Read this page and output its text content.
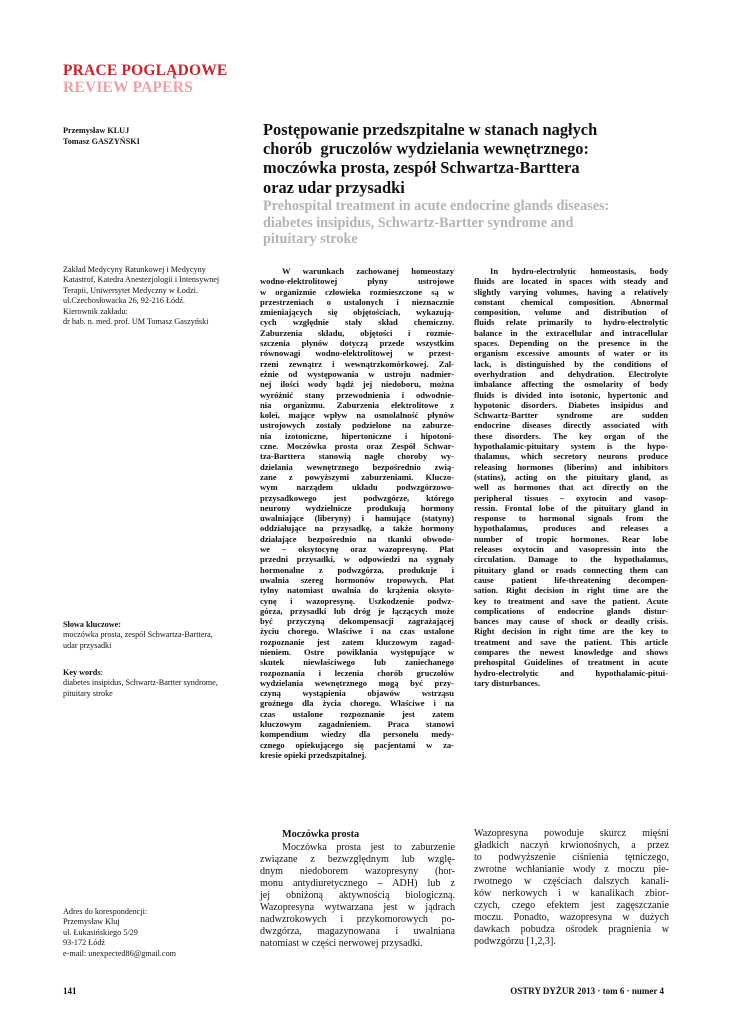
PRACE POGLĄDOWE
REVIEW PAPERS
Przemysław KLUJ
Tomasz GASZYŃSKI
Postępowanie przedszpitalne w stanach nagłych
chorób  gruczolów wydzielania wewnętrznego:
moczówka prosta, zespół Schwartza-Barttera
oraz udar przysadki
Prehospital treatment in acute endocrine glands diseases:
diabetes insipidus, Schwartz-Bartter syndrome and
pituitary stroke
Zakład Medycyny Ratunkowej i Medycyny
Katastrof, Katedra Anestezjologii i Intensywnej
Terapii, Uniwersytet Medyczny w Łodzi.
ul.Czechosłowacka 26, 92-216 Łódź.
Kierownik zakładu:
dr hab. n. med. prof. UM Tomasz Gaszyński
Słowa kluczowe:
moczówka prosta, zespół Schwartza-Barttera,
udar przysadki
Key words:
diabetes insipidus, Schwartz-Bartter syndrome,
pituitary stroke
Adres do korespondencji:
Przemysław Kluj
ul. Łukasińskiego 5/29
93-172 Łódź
e-mail: unexpected86@gmail.com
W warunkach zachowanej homeostazy
wodno-elektrolitowej płyny ustrojowe
w organizmie człowieka rozmieszczone są w
przestrzeniach o ustalonych i nieznacznie
zmieniających się objętościach, wykazują-
cych względnie stały skład chemiczny.
Zaburzenia składu, objętości i rozmie-
szczenia płynów dotyczą przede wszystkim
równowagi wodno-elektrolitowej w przest-
rzeni zewnątrz i wewnątrzkomórkowej. Zal-
eżnie od występowania w ustroju nadmier-
nej ilości wody bądź jej niedoboru, można
wyróżnić stany przewodnienia i odwodnie-
nia organizmu. Zaburzenia elektrolitowe z
kolei, mające wpływ na osmolalność płynów
ustrojowych zostały podzielone na zaburze-
nia izotoniczne, hipertoniczne i hipotoni-
czne. Moczówka prosta oraz Zespół Schwar-
tza-Barttera stanowią nagłe choroby wy-
dzielania wewnętrznego bezpośrednio zwią-
zane z powyższymi zaburzeniami. Kluczo-
wym narządem układu podwzgórzowo-
przysadkowego jest podwzgórze, którego
neurony wydzielnicze produkują hormony
uwalniające (liberyny) i hamujące (statyny)
oddziałujące na przysadkę, a także hormony
działające bezpośrednio na tkanki obwodo-
we – oksytocynę oraz wazopresynę. Płat
przedni przysadki, w odpowiedzi na sygnały
hormonalne z podwzgórza, produkuje i
uwalnia szereg hormonów tropowych. Płat
tylny natomiast uwalnia do krążenia oksyto-
cynę i wazopresynę. Uszkodzenie podwz-
górza, przysadki lub dróg je łączących może
być przyczyną dekompensacji zagrażającej
życiu chorego. Właściwe i na czas ustalone
rozpoznanie jest zatem kluczowym zagad-
nieniem. Ostre powikłania występujące w
skutek niewłaściwego lub zaniechanego
rozpoznania i leczenia chorób gruczołów
wydzielania wewnętrznego mogą być przy-
czyną wystąpienia objawów wstrząsu
groźnego dla życia chorego. Właściwe i na
czas ustalone rozpoznanie jest zatem
kluczowym zagadnieniem. Praca stanowi
kompendium wiedzy dla personelu medy-
cznego opiekującego się pacjentami w za-
kresie opieki przedszpitalnej.
In hydro-electrolytic homeostasis, body
fluids are located in spaces with steady and
slightly varying volumes, having a relatively
constant chemical composition. Abnormal
composition, volume and distribution of
fluids relate primarily to hydro-electrolytic
balance in the extracellular and intracellular
spaces. Depending on the presence in the
organism excessive amounts of water or its
lack, is distinguished by the conditions of
overhydration and dehydration. Electrolyte
imbalance affecting the osmolarity of body
fluids is divided into isotonic, hypertonic and
hypotonic disorders. Diabetes insipidus and
Schwartz-Bartter syndrome are sudden
endocrine diseases directly associated with
these disorders. The key organ of the
hypothalamic-pituitary system is the hypo-
thalamus, which secretory neurons produce
releasing hormones (liberins) and inhibitors
(statins), acting on the pituitary gland, as
well as hormones that act directly on the
peripheral tissues – oxytocin and vasop-
ressin. Frontal lobe of the pituitary gland in
response to hormonal signals from the
hypothalamus, produces and releases a
number of tropic hormones. Rear lobe
releases oxytocin and vasopressin into the
circulation. Damage to the hypothalamus,
pituitary gland or roads connecting them can
cause patient life-threatening decompen-
sation. Right decision in right time are the
key to treatment and save the patient. Acute
complications of endocrine glands distur-
bances may cause of shock or deadly crisis.
Right decision in right time are the key to
treatment and save the patient. This article
compares the newest knowledge and shows
prehospital Guidelines of treatment in acute
hydro-electrolytic and hypothalamic-pitui-
tary disturbances.
Moczówka prosta
Moczówka prosta jest to zaburzenie
związane z bezwzględnym lub wzglę-
dnym niedoborem wazopresyny (hor-
monu antydiuretycznego – ADH) lub z
jej obniżoną aktywnością biologiczną.
Wazopresyna wytwarzana jest w jądrach
nadwzrokowych i przykomorowych po-
dwzgórza, magazynowana i uwalniana
natomiast w części nerwowej przysadki.
Wazopresyna powoduje skurcz mięśni
gładkich naczyń krwionośnych, a przez
to podwyższenie ciśnienia tętniczego,
zwrotne wchłanianie wody z moczu pie-
rwotnego w częściach dalszych kanali-
ków nerkowych i w kanalikach zbior-
czych, czego efektem jest zagęszczanie
moczu. Ponadto, wazopresyna w dużych
dawkach pobudza ośrodek pragnienia w
podwzgórzu [1,2,3].
141	OSTRY DYŻUR 2013 · tom 6 · numer 4
